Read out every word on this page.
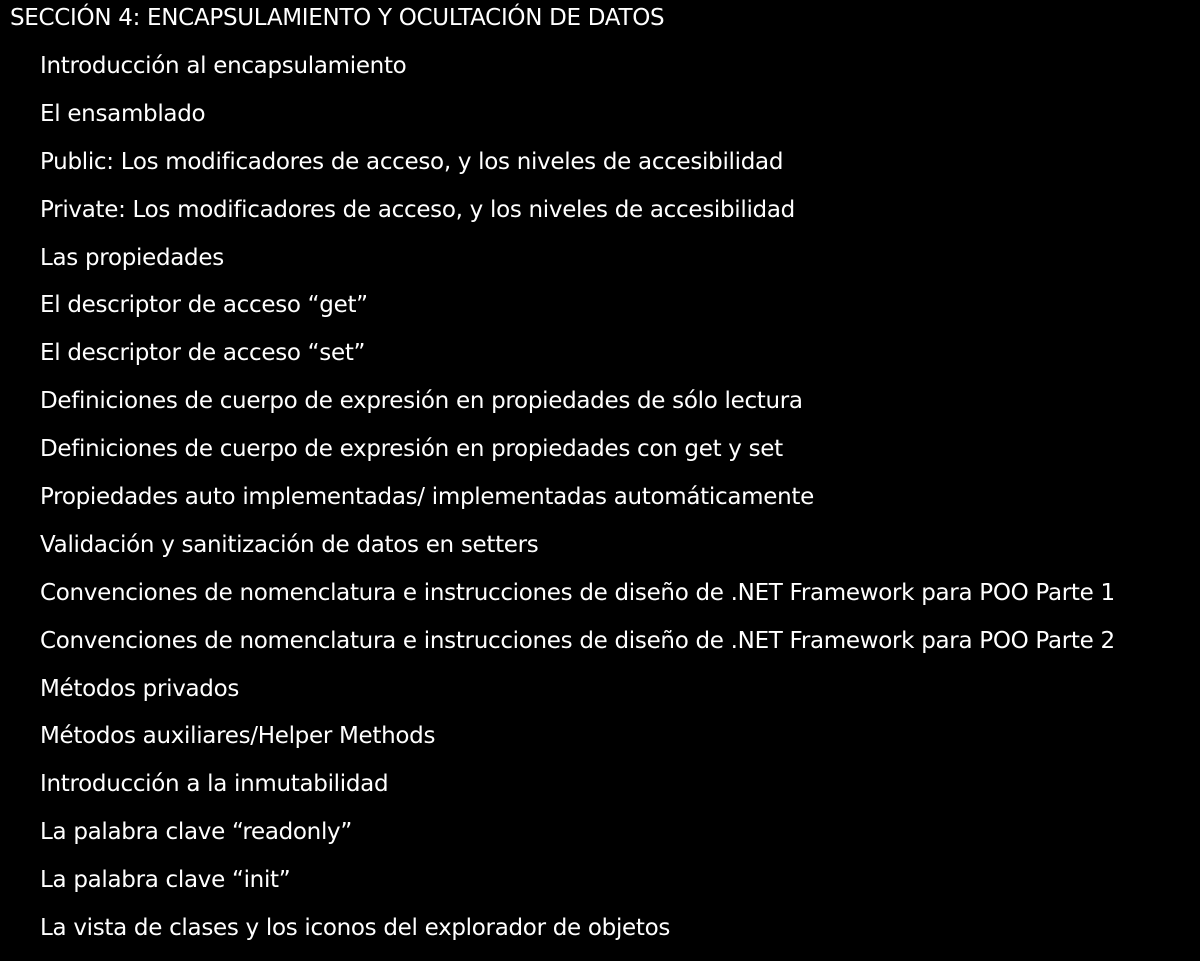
SECCIÓN 4: ENCAPSULAMIENTO Y OCULTACIÓN DE DATOS
Introducción al encapsulamiento
El ensamblado
Public: Los modificadores de acceso, y los niveles de accesibilidad
Private: Los modificadores de acceso, y los niveles de accesibilidad
Las propiedades
El descriptor de acceso “get”
El descriptor de acceso “set”
Definiciones de cuerpo de expresión en propiedades de sólo lectura
Definiciones de cuerpo de expresión en propiedades con get y set
Propiedades auto implementadas/ implementadas automáticamente
Validación y sanitización de datos en setters
Convenciones de nomenclatura e instrucciones de diseño de .NET Framework para POO Parte 1
Convenciones de nomenclatura e instrucciones de diseño de .NET Framework para POO Parte 2
Métodos privados
Métodos auxiliares/Helper Methods
Introducción a la inmutabilidad
La palabra clave “readonly”
La palabra clave “init”
La vista de clases y los iconos del explorador de objetos
